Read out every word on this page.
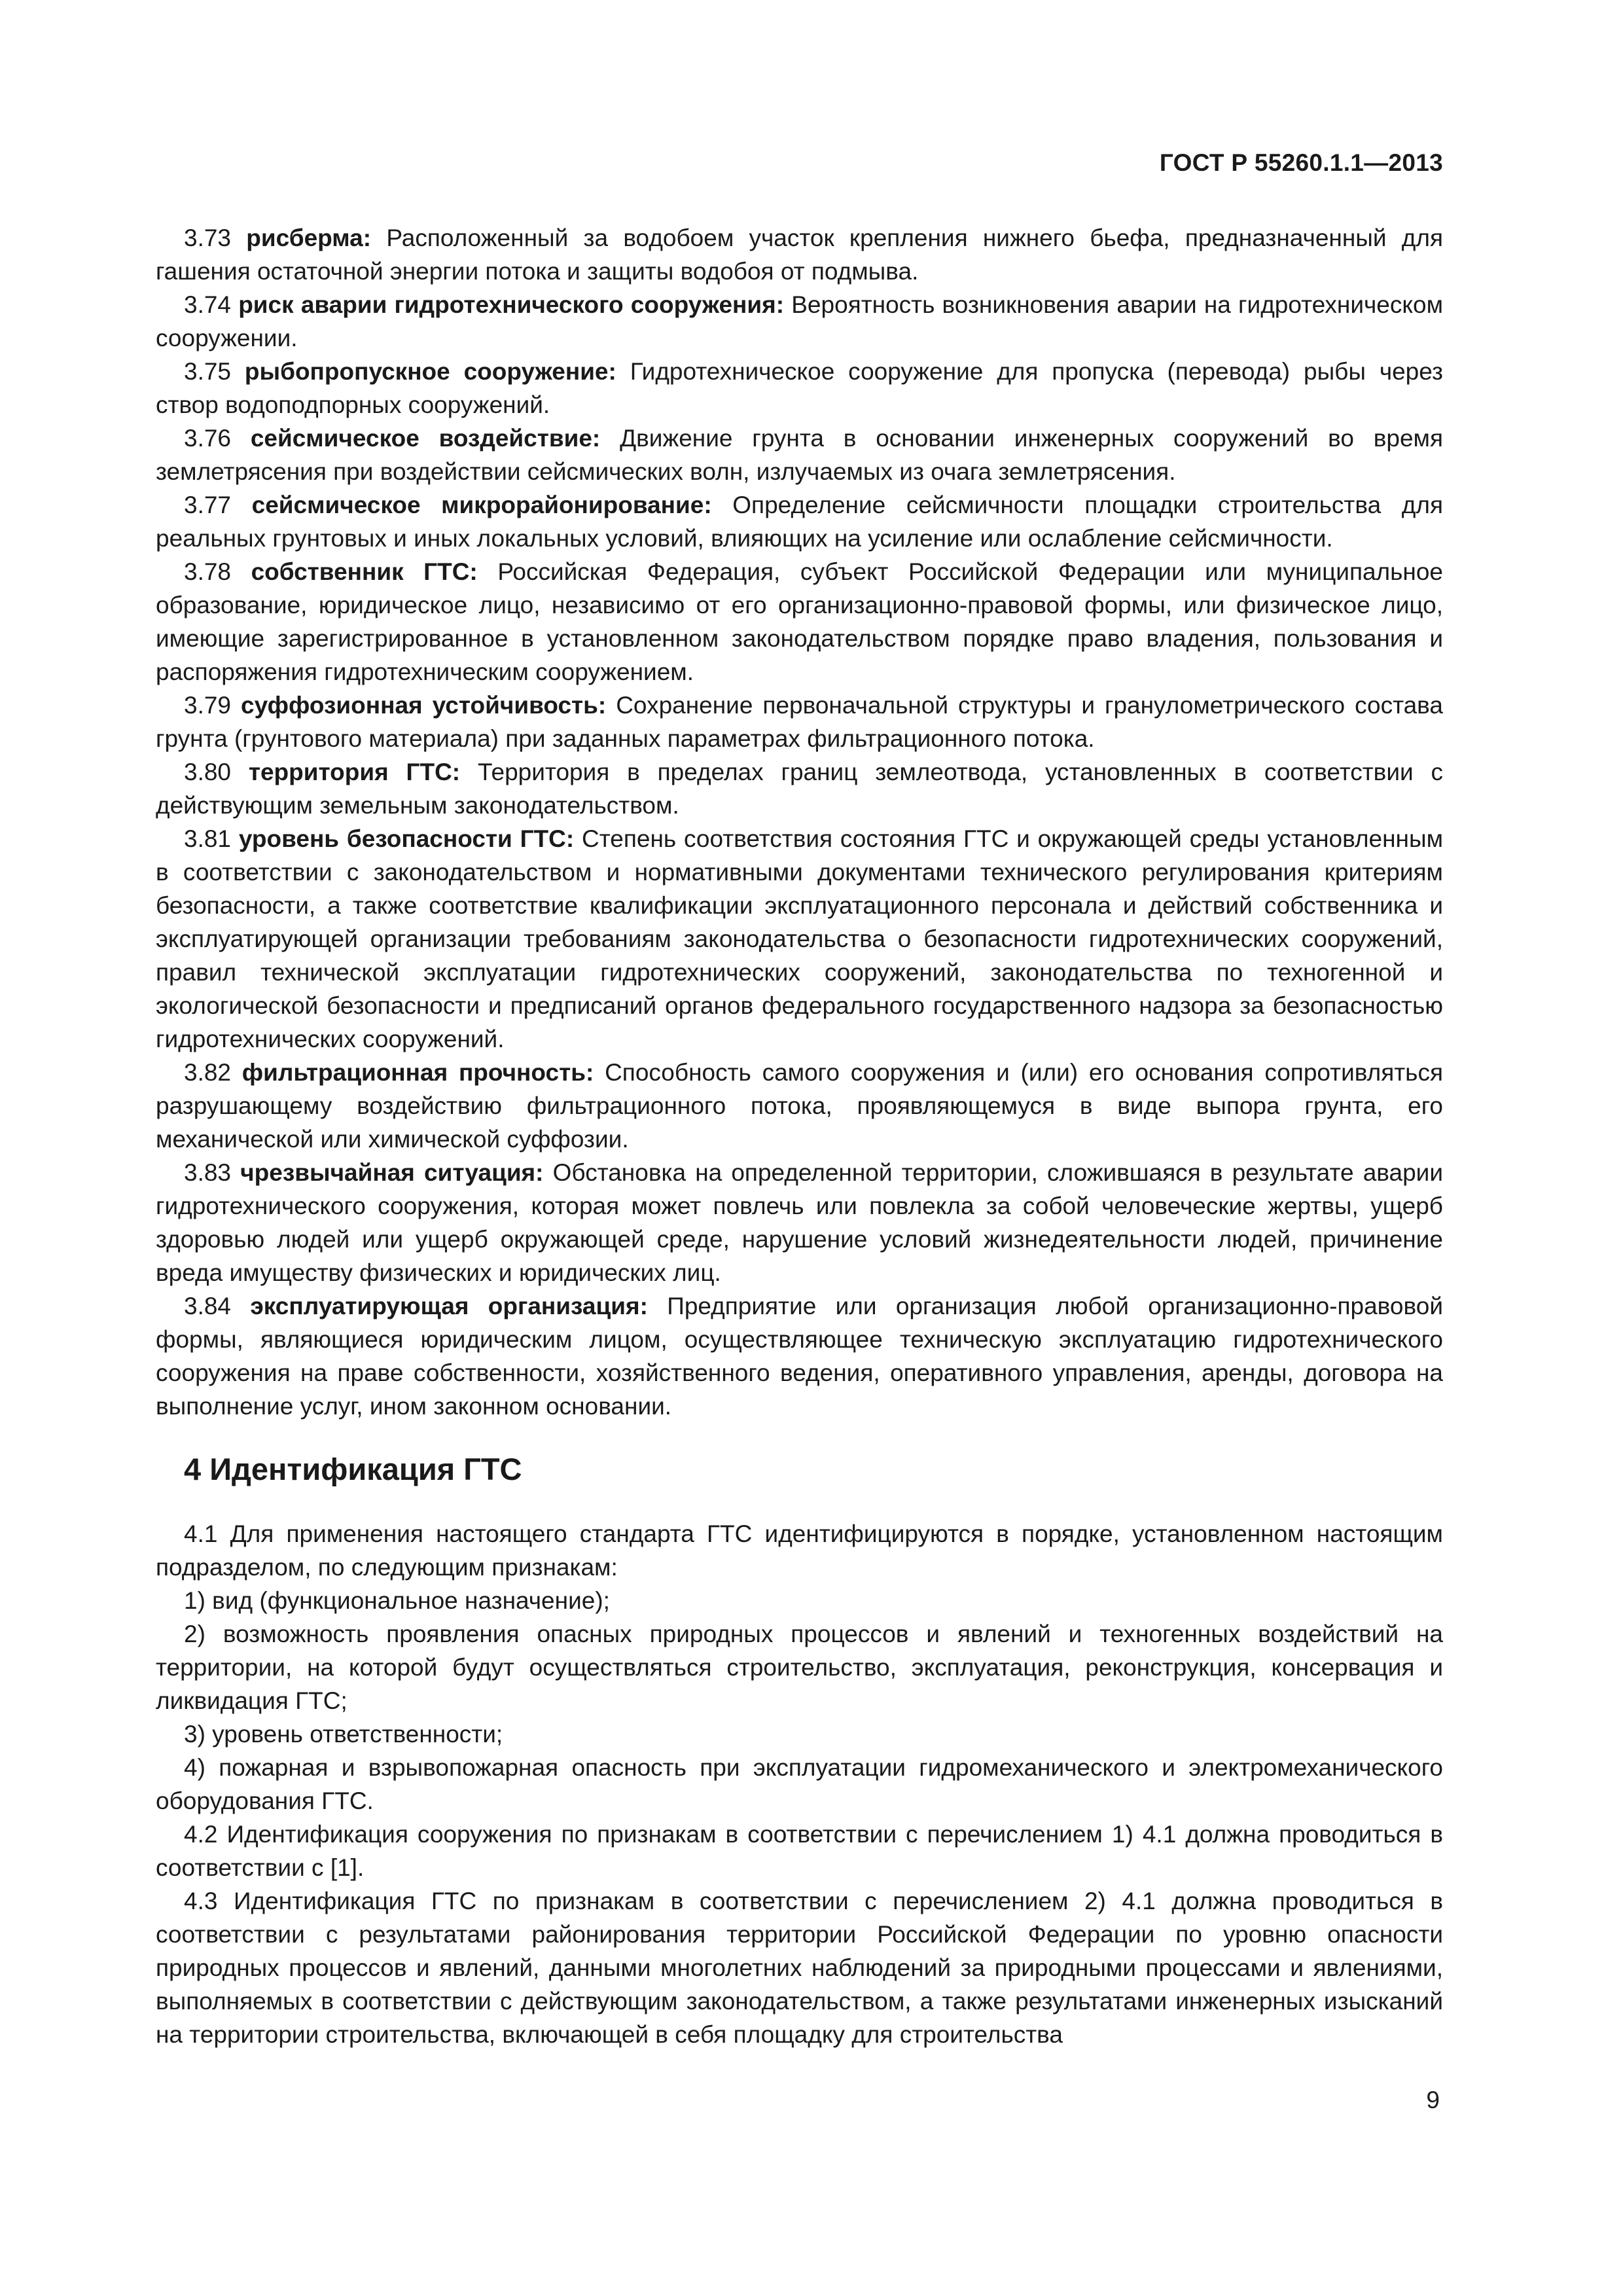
ГОСТ Р 55260.1.1—2013

3.73 рисберма: Расположенный за водобоем участок крепления нижнего бьефа, предназначенный для гашения остаточной энергии потока и защиты водобоя от подмыва.

3.74 риск аварии гидротехнического сооружения: Вероятность возникновения аварии на гидротехническом сооружении.

3.75 рыбопропускное сооружение: Гидротехническое сооружение для пропуска (перевода) рыбы через створ водоподпорных сооружений.

3.76 сейсмическое воздействие: Движение грунта в основании инженерных сооружений во время землетрясения при воздействии сейсмических волн, излучаемых из очага землетрясения.

3.77 сейсмическое микрорайонирование: Определение сейсмичности площадки строительства для реальных грунтовых и иных локальных условий, влияющих на усиление или ослабление сейсмичности.

3.78 собственник ГТС: Российская Федерация, субъект Российской Федерации или муниципальное образование, юридическое лицо, независимо от его организационно-правовой формы, или физическое лицо, имеющие зарегистрированное в установленном законодательством порядке право владения, пользования и распоряжения гидротехническим сооружением.

3.79 суффозионная устойчивость: Сохранение первоначальной структуры и гранулометрического состава грунта (грунтового материала) при заданных параметрах фильтрационного потока.

3.80 территория ГТС: Территория в пределах границ землеотвода, установленных в соответствии с действующим земельным законодательством.

3.81 уровень безопасности ГТС: Степень соответствия состояния ГТС и окружающей среды установленным в соответствии с законодательством и нормативными документами технического регулирования критериям безопасности, а также соответствие квалификации эксплуатационного персонала и действий собственника и эксплуатирующей организации требованиям законодательства о безопасности гидротехнических сооружений, правил технической эксплуатации гидротехнических сооружений, законодательства по техногенной и экологической безопасности и предписаний органов федерального государственного надзора за безопасностью гидротехнических сооружений.

3.82 фильтрационная прочность: Способность самого сооружения и (или) его основания сопротивляться разрушающему воздействию фильтрационного потока, проявляющемуся в виде выпора грунта, его механической или химической суффозии.

3.83 чрезвычайная ситуация: Обстановка на определенной территории, сложившаяся в результате аварии гидротехнического сооружения, которая может повлечь или повлекла за собой человеческие жертвы, ущерб здоровью людей или ущерб окружающей среде, нарушение условий жизнедеятельности людей, причинение вреда имуществу физических и юридических лиц.

3.84 эксплуатирующая организация: Предприятие или организация любой организационно-правовой формы, являющиеся юридическим лицом, осуществляющее техническую эксплуатацию гидротехнического сооружения на праве собственности, хозяйственного ведения, оперативного управления, аренды, договора на выполнение услуг, ином законном основании.

4 Идентификация ГТС

4.1 Для применения настоящего стандарта ГТС идентифицируются в порядке, установленном настоящим подразделом, по следующим признакам:

1) вид (функциональное назначение);

2) возможность проявления опасных природных процессов и явлений и техногенных воздействий на территории, на которой будут осуществляться строительство, эксплуатация, реконструкция, консервация и ликвидация ГТС;

3) уровень ответственности;

4) пожарная и взрывопожарная опасность при эксплуатации гидромеханического и электромеханического оборудования ГТС.

4.2 Идентификация сооружения по признакам в соответствии с перечислением 1) 4.1 должна проводиться в соответствии с [1].

4.3 Идентификация ГТС по признакам в соответствии с перечислением 2) 4.1 должна проводиться в соответствии с результатами районирования территории Российской Федерации по уровню опасности природных процессов и явлений, данными многолетних наблюдений за природными процессами и явлениями, выполняемых в соответствии с действующим законодательством, а также результатами инженерных изысканий на территории строительства, включающей в себя площадку для строительства

9
